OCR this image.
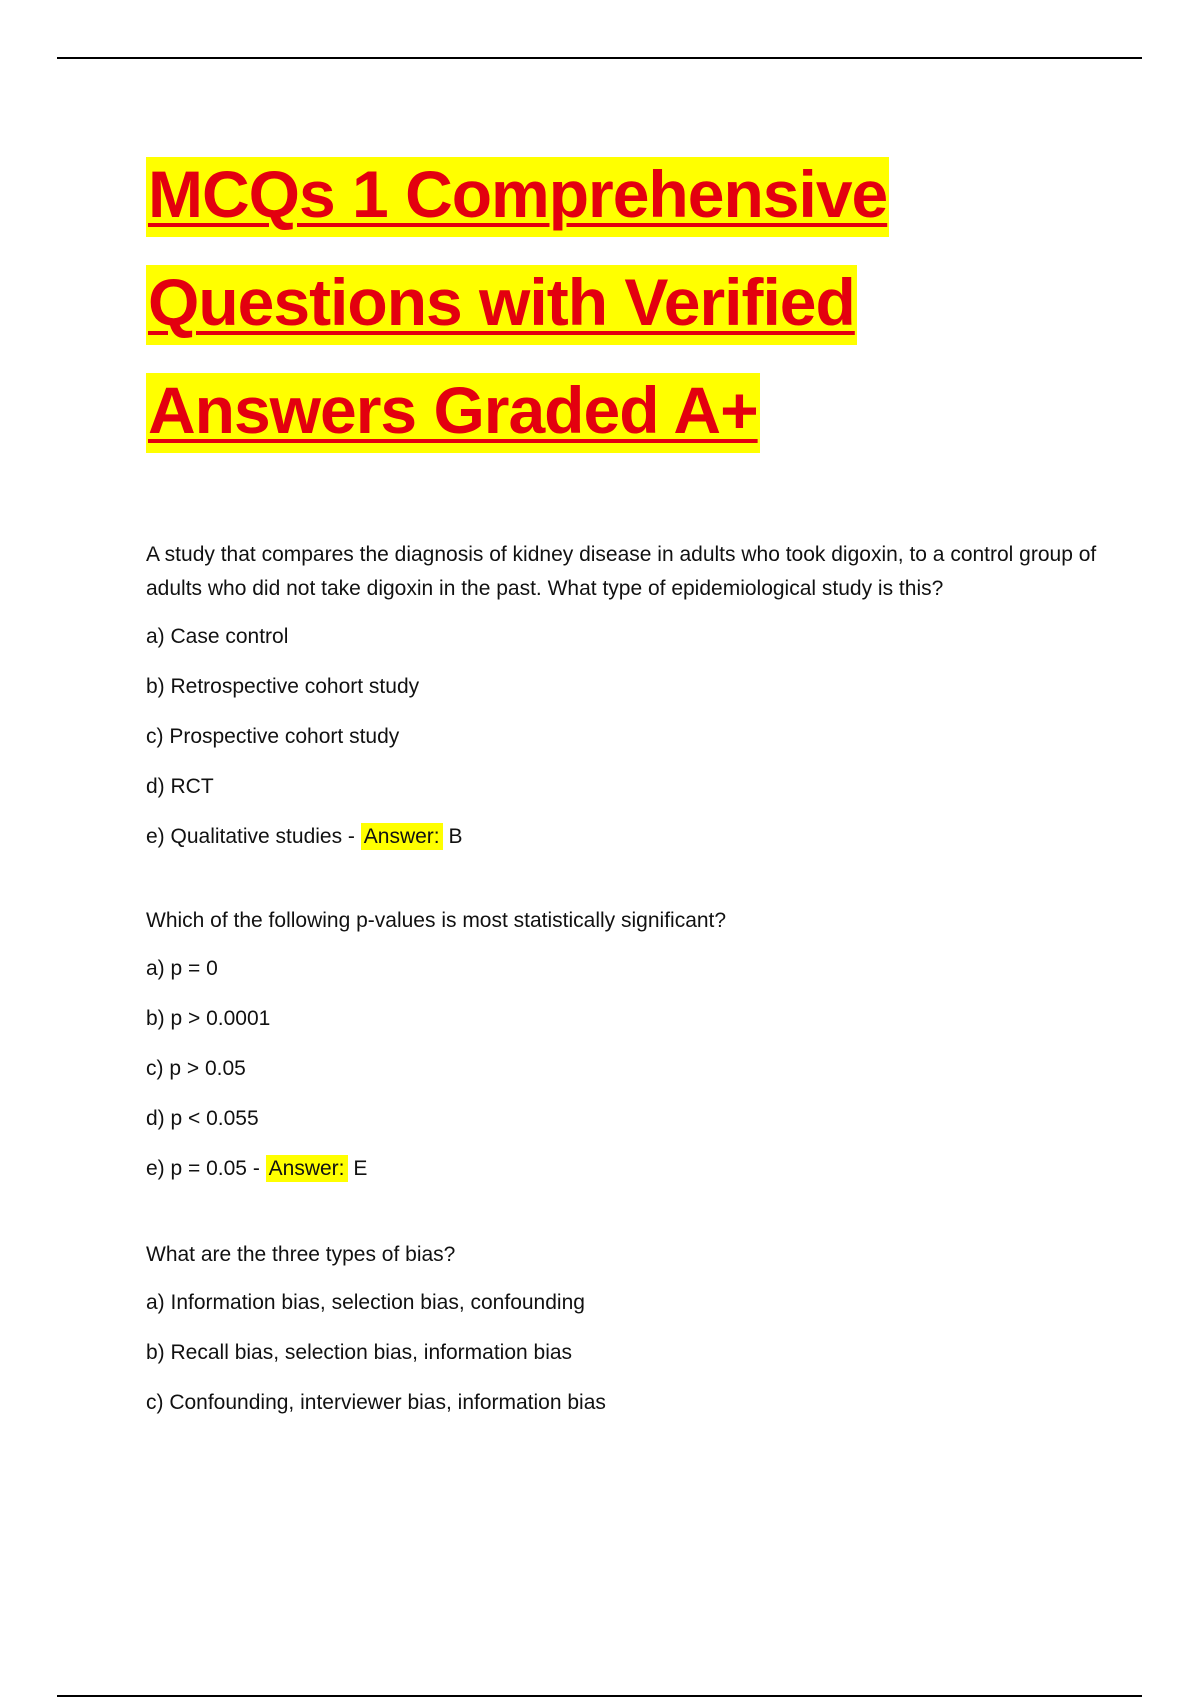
MCQs 1 Comprehensive
Questions with Verified
Answers Graded A+

A study that compares the diagnosis of kidney disease in adults who took digoxin, to a control group of adults who did not take digoxin in the past. What type of epidemiological study is this?

a) Case control
b) Retrospective cohort study
c) Prospective cohort study
d) RCT
e) Qualitative studies - Answer: B

Which of the following p-values is most statistically significant?

a) p = 0
b) p > 0.0001
c) p > 0.05
d) p < 0.055
e) p = 0.05 - Answer: E

What are the three types of bias?

a) Information bias, selection bias, confounding
b) Recall bias, selection bias, information bias
c) Confounding, interviewer bias, information bias
